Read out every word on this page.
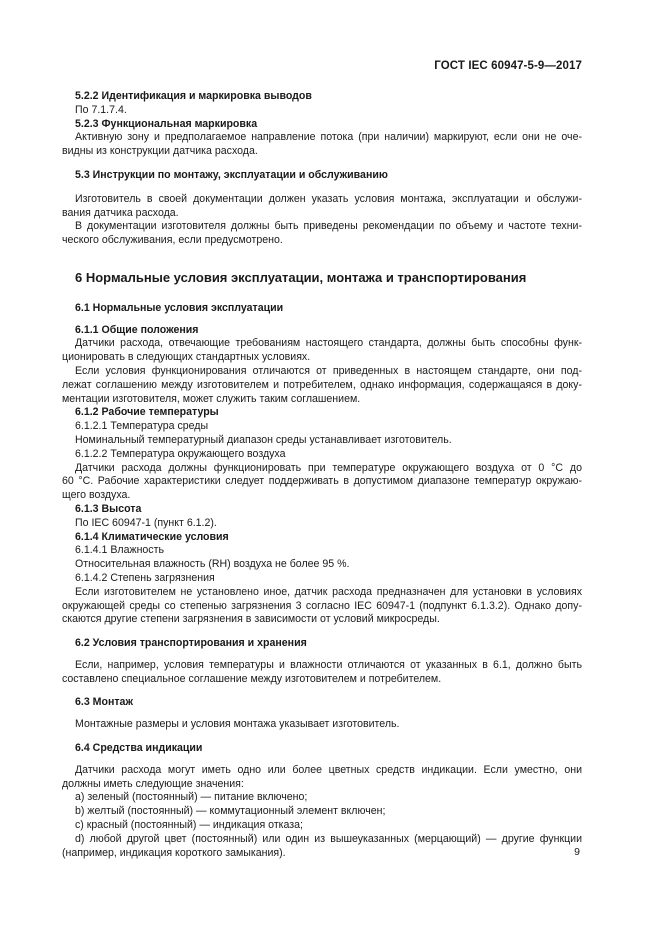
ГОСТ IEC 60947-5-9—2017

5.2.2 Идентификация и маркировка выводов

По 7.1.7.4.

5.2.3 Функциональная маркировка

Активную зону и предполагаемое направление потока (при наличии) маркируют, если они не оче-

видны из конструкции датчика расхода.

5.3 Инструкции по монтажу, эксплуатации и обслуживанию

Изготовитель в своей документации должен указать условия монтажа, эксплуатации и обслужи-

вания датчика расхода.

В документации изготовителя должны быть приведены рекомендации по объему и частоте техни-

ческого обслуживания, если предусмотрено.

6 Нормальные условия эксплуатации, монтажа и транспортирования

6.1 Нормальные условия эксплуатации

6.1.1 Общие положения

Датчики расхода, отвечающие требованиям настоящего стандарта, должны быть способны функ-

ционировать в следующих стандартных условиях.

Если условия функционирования отличаются от приведенных в настоящем стандарте, они под-

лежат соглашению между изготовителем и потребителем, однако информация, содержащаяся в доку-

ментации изготовителя, может служить таким соглашением.

6.1.2 Рабочие температуры

6.1.2.1 Температура среды

Номинальный температурный диапазон среды устанавливает изготовитель.

6.1.2.2 Температура окружающего воздуха

Датчики расхода должны функционировать при температуре окружающего воздуха от 0 °С до

60 °С. Рабочие характеристики следует поддерживать в допустимом диапазоне температур окружаю-

щего воздуха.

6.1.3 Высота

По IEC 60947-1 (пункт 6.1.2).

6.1.4 Климатические условия

6.1.4.1 Влажность

Относительная влажность (RH) воздуха не более 95 %.

6.1.4.2 Степень загрязнения

Если изготовителем не установлено иное, датчик расхода предназначен для установки в условиях

окружающей среды со степенью загрязнения 3 согласно IEC 60947-1 (подпункт 6.1.3.2). Однако допу-

скаются другие степени загрязнения в зависимости от условий микросреды.

6.2 Условия транспортирования и хранения

Если, например, условия температуры и влажности отличаются от указанных в 6.1, должно быть

составлено специальное соглашение между изготовителем и потребителем.

6.3 Монтаж

Монтажные размеры и условия монтажа указывает изготовитель.

6.4 Средства индикации

Датчики расхода могут иметь одно или более цветных средств индикации. Если уместно, они

должны иметь следующие значения:

a) зеленый (постоянный) — питание включено;

b) желтый (постоянный) — коммутационный элемент включен;

c) красный (постоянный) — индикация отказа;

d) любой другой цвет (постоянный) или один из вышеуказанных (мерцающий) — другие функции

(например, индикация короткого замыкания).	9
